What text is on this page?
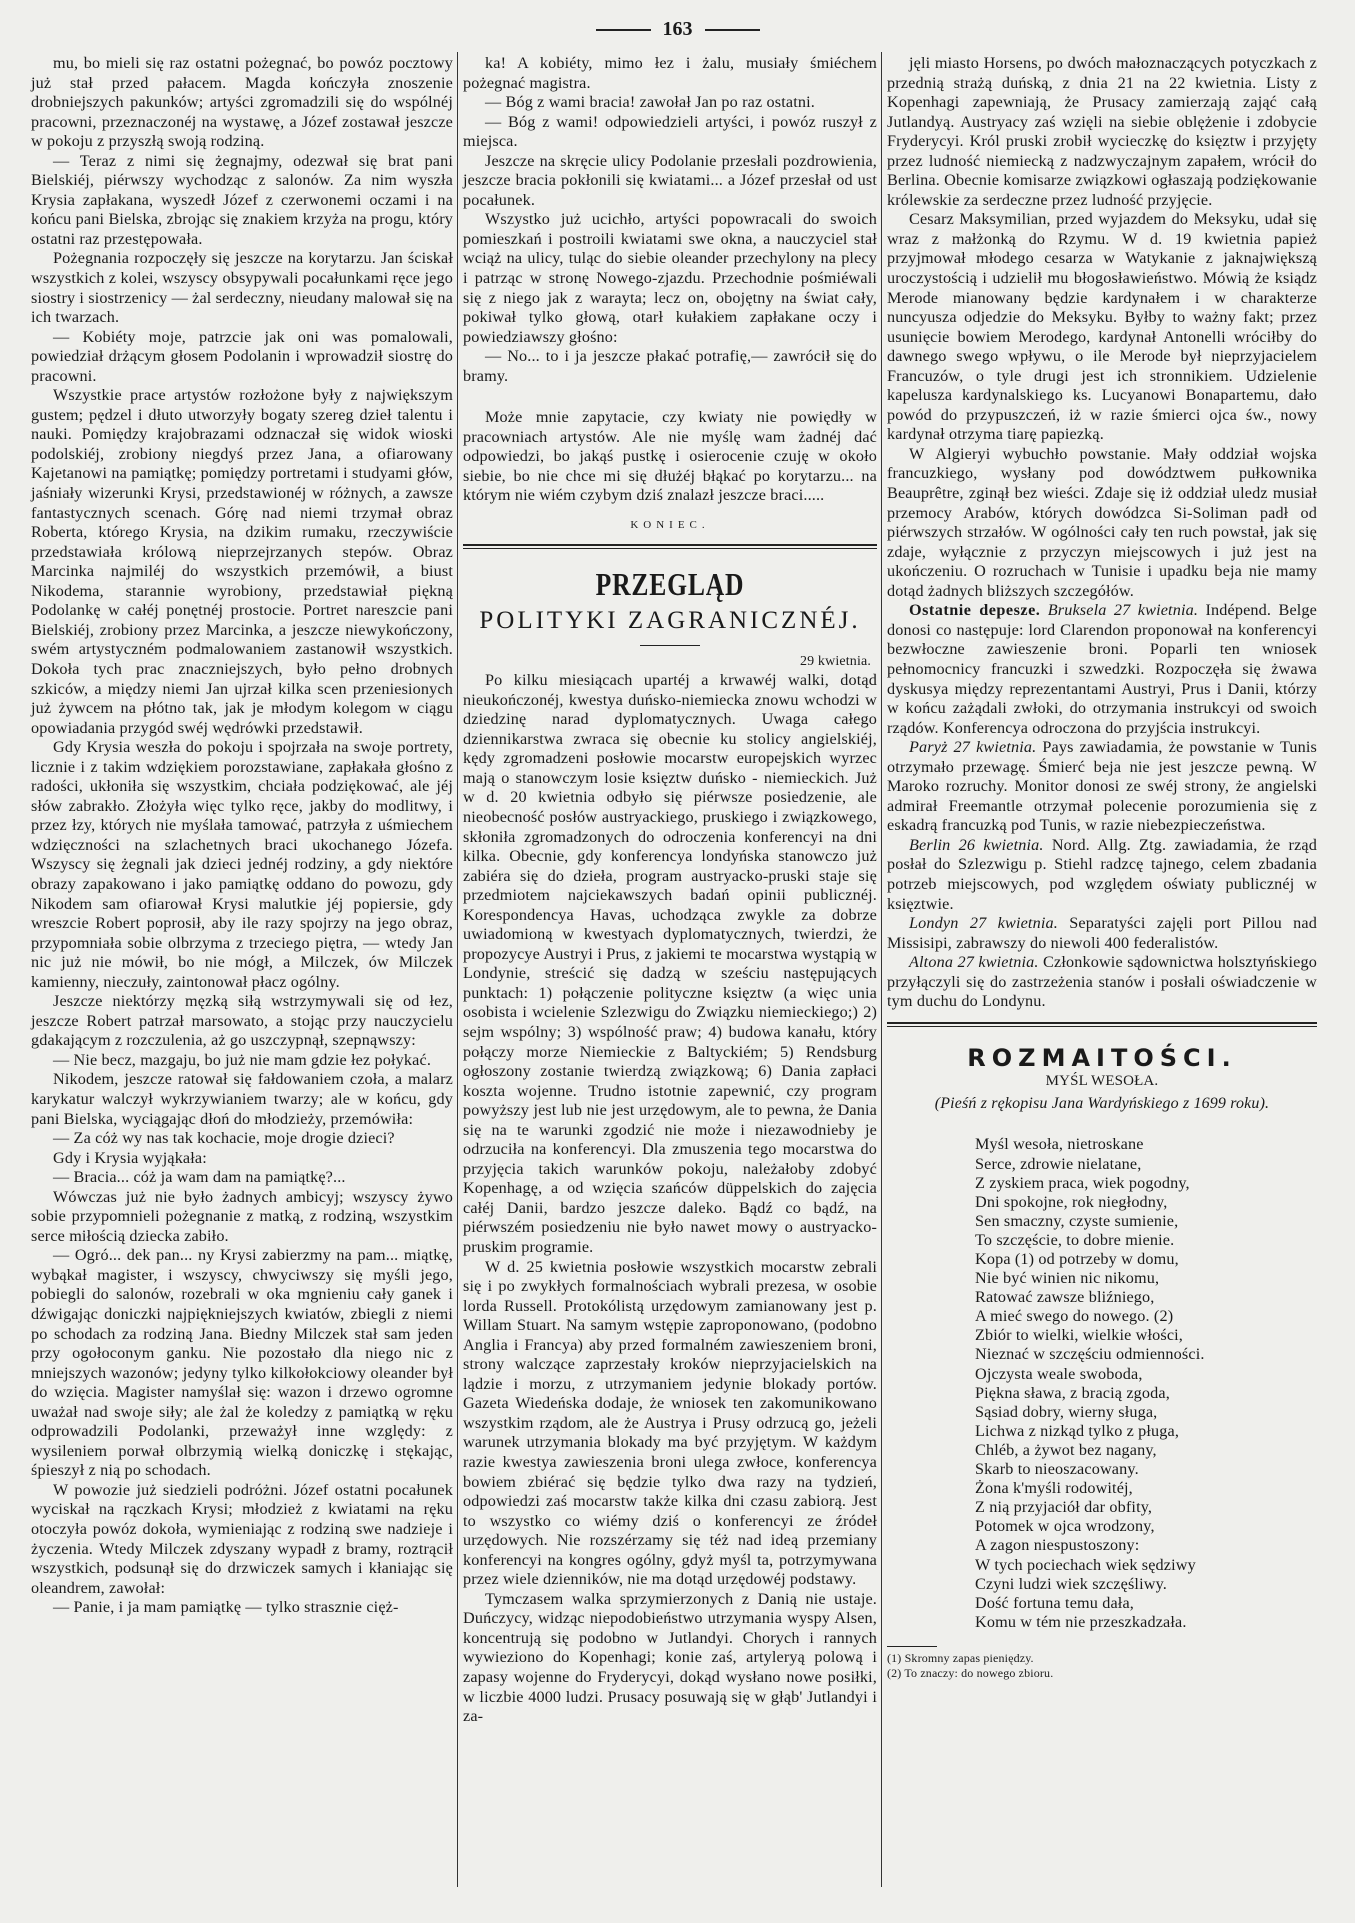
163

mu, bo mieli się raz ostatni pożegnać, bo powóz pocztowy już stał przed pałacem. Magda kończyła znoszenie drobniejszych pakunków; artyści zgromadzili się do wspólnéj pracowni, przeznaczonéj na wystawę, a Józef zostawał jeszcze w pokoju z przyszłą swoją rodziną.

— Teraz z nimi się żegnajmy, odezwał się brat pani Bielskiéj, piérwszy wychodząc z salonów. Za nim wyszła Krysia zapłakana, wyszedł Józef z czerwonemi oczami i na końcu pani Bielska, zbrojąc się znakiem krzyża na progu, który ostatni raz przestępowała.

Pożegnania rozpoczęły się jeszcze na korytarzu. Jan ściskał wszystkich z kolei, wszyscy obsypywali pocałunkami ręce jego siostry i siostrzenicy — żal serdeczny, nieudany malował się na ich twarzach.

— Kobiéty moje, patrzcie jak oni was pomalowali, powiedział drżącym głosem Podolanin i wprowadził siostrę do pracowni.

Wszystkie prace artystów rozłożone były z największym gustem; pędzel i dłuto utworzyły bogaty szereg dzieł talentu i nauki. Pomiędzy krajobrazami odznaczał się widok wioski podolskiéj, zrobiony niegdyś przez Jana, a ofiarowany Kajetanowi na pamiątkę; pomiędzy portretami i studyami głów, jaśniały wizerunki Krysi, przedstawionéj w różnych, a zawsze fantastycznych scenach. Górę nad niemi trzymał obraz Roberta, którego Krysia, na dzikim rumaku, rzeczywiście przedstawiała królową nieprzejrzanych stepów. Obraz Marcinka najmiléj do wszystkich przemówił, a biust Nikodema, starannie wyrobiony, przedstawiał piękną Podolankę w całéj ponętnéj prostocie. Portret nareszcie pani Bielskiéj, zrobiony przez Marcinka, a jeszcze niewykończony, swém artystyczném podmalowaniem zastanowił wszystkich. Dokoła tych prac znaczniejszych, było pełno drobnych szkiców, a między niemi Jan ujrzał kilka scen przeniesionych już żywcem na płótno tak, jak je młodym kolegom w ciągu opowiadania przygód swéj wędrówki przedstawił.

Gdy Krysia weszła do pokoju i spojrzała na swoje portrety, licznie i z takim wdziękiem porozstawiane, zapłakała głośno z radości, ukłoniła się wszystkim, chciała podziękować, ale jéj słów zabrakło. Złożyła więc tylko ręce, jakby do modlitwy, i przez łzy, których nie myślała tamować, patrzyła z uśmiechem wdzięczności na szlachetnych braci ukochanego Józefa. Wszyscy się żegnali jak dzieci jednéj rodziny, a gdy niektóre obrazy zapakowano i jako pamiątkę oddano do powozu, gdy Nikodem sam ofiarował Krysi malutkie jéj popiersie, gdy wreszcie Robert poprosił, aby ile razy spojrzy na jego obraz, przypomniała sobie olbrzyma z trzeciego piętra, — wtedy Jan nic już nie mówił, bo nie mógł, a Milczek, ów Milczek kamienny, nieczuły, zaintonował płacz ogólny.

Jeszcze niektórzy męzką siłą wstrzymywali się od łez, jeszcze Robert patrzał marsowato, a stojąc przy nauczycielu gdakającym z rozczulenia, aż go uszczypnął, szepnąwszy:

— Nie becz, mazgaju, bo już nie mam gdzie łez połykać.

Nikodem, jeszcze ratował się fałdowaniem czoła, a malarz karykatur walczył wykrzywianiem twarzy; ale w końcu, gdy pani Bielska, wyciągając dłoń do młodzieży, przemówiła:

— Za cóż wy nas tak kochacie, moje drogie dzieci?

Gdy i Krysia wyjąkała:

— Bracia... cóż ja wam dam na pamiątkę?...

Wówczas już nie było żadnych ambicyj; wszyscy żywo sobie przypomnieli pożegnanie z matką, z rodziną, wszystkim serce miłością dziecka zabiło.

— Ogró... dek pan... ny Krysi zabierzmy na pam... miątkę, wybąkał magister, i wszyscy, chwyciwszy się myśli jego, pobiegli do salonów, rozebrali w oka mgnieniu cały ganek i dźwigając doniczki najpiękniejszych kwiatów, zbiegli z niemi po schodach za rodziną Jana. Biedny Milczek stał sam jeden przy ogołoconym ganku. Nie pozostało dla niego nic z mniejszych wazonów; jedyny tylko kilkołokciowy oleander był do wzięcia. Magister namyślał się: wazon i drzewo ogromne uważał nad swoje siły; ale żal że koledzy z pamiątką w ręku odprowadzili Podolanki, przeważył inne względy: z wysileniem porwał olbrzymią wielką doniczkę i stękając, śpieszył z nią po schodach.

W powozie już siedzieli podróżni. Józef ostatni pocałunek wyciskał na rączkach Krysi; młodzież z kwiatami na ręku otoczyła powóz dokoła, wymieniając z rodziną swe nadzieje i życzenia. Wtedy Milczek zdyszany wypadł z bramy, roztrącił wszystkich, podsunął się do drzwiczek samych i kłaniając się oleandrem, zawołał:

— Panie, i ja mam pamiątkę — tylko strasznie cięż-

ka! A kobiéty, mimo łez i żalu, musiały śmiéchem pożegnać magistra.

— Bóg z wami bracia! zawołał Jan po raz ostatni.

— Bóg z wami! odpowiedzieli artyści, i powóz ruszył z miejsca.

Jeszcze na skręcie ulicy Podolanie przesłali pozdrowienia, jeszcze bracia pokłonili się kwiatami... a Józef przesłał od ust pocałunek.

Wszystko już ucichło, artyści popowracali do swoich pomieszkań i postroili kwiatami swe okna, a nauczyciel stał wciąż na ulicy, tuląc do siebie oleander przechylony na plecy i patrząc w stronę Nowego-zjazdu. Przechodnie pośmiéwali się z niego jak z warayta; lecz on, obojętny na świat cały, pokiwał tylko głową, otarł kułakiem zapłakane oczy i powiedziawszy głośno:

— No... to i ja jeszcze płakać potrafię,— zawrócił się do bramy.

Może mnie zapytacie, czy kwiaty nie powiędły w pracowniach artystów. Ale nie myślę wam żadnéj dać odpowiedzi, bo jakąś pustkę i osierocenie czuję w około siebie, bo nie chce mi się dłużéj błąkać po korytarzu... na którym nie wiém czybym dziś znalazł jeszcze braci.....

KONIEC.
PRZEGLĄD
POLITYKI ZAGRANICZNÉJ.
29 kwietnia.

Po kilku miesiącach upartéj a krwawéj walki, dotąd nieukończonéj, kwestya duńsko-niemiecka znowu wchodzi w dziedzinę narad dyplomatycznych. Uwaga całego dziennikarstwa zwraca się obecnie ku stolicy angielskiéj, kędy zgromadzeni posłowie mocarstw europejskich wyrzec mają o stanowczym losie księztw duńsko - niemieckich. Już w d. 20 kwietnia odbyło się piérwsze posiedzenie, ale nieobecność posłów austryackiego, pruskiego i związkowego, skłoniła zgromadzonych do odroczenia konferencyi na dni kilka. Obecnie, gdy konferencya londyńska stanowczo już zabiéra się do dzieła, program austryacko-pruski staje się przedmiotem najciekawszych badań opinii publicznéj. Korespondencya Havas, uchodząca zwykle za dobrze uwiadomioną w kwestyach dyplomatycznych, twierdzi, że propozycye Austryi i Prus, z jakiemi te mocarstwa wystąpią w Londynie, streścić się dadzą w sześciu następujących punktach: 1) połączenie polityczne księztw (a więc unia osobista i wcielenie Szlezwigu do Związku niemieckiego;) 2) sejm wspólny; 3) wspólność praw; 4) budowa kanału, który połączy morze Niemieckie z Baltyckiém; 5) Rendsburg ogłoszony zostanie twierdzą związkową; 6) Dania zapłaci koszta wojenne. Trudno istotnie zapewnić, czy program powyższy jest lub nie jest urzędowym, ale to pewna, że Dania się na te warunki zgodzić nie może i niezawodnieby je odrzuciła na konferencyi. Dla zmuszenia tego mocarstwa do przyjęcia takich warunków pokoju, należałoby zdobyć Kopenhagę, a od wzięcia szańców düppelskich do zajęcia całéj Danii, bardzo jeszcze daleko. Bądź co bądź, na piérwszém posiedzeniu nie było nawet mowy o austryacko-pruskim programie.

W d. 25 kwietnia posłowie wszystkich mocarstw zebrali się i po zwykłych formalnościach wybrali prezesa, w osobie lorda Russell. Protokólistą urzędowym zamianowany jest p. Willam Stuart. Na samym wstępie zaproponowano, (podobno Anglia i Francya) aby przed formalném zawieszeniem broni, strony walczące zaprzestały kroków nieprzyjacielskich na lądzie i morzu, z utrzymaniem jedynie blokady portów. Gazeta Wiedeńska dodaje, że wniosek ten zakomunikowano wszystkim rządom, ale że Austrya i Prusy odrzucą go, jeżeli warunek utrzymania blokady ma być przyjętym. W każdym razie kwestya zawieszenia broni ulega zwłoce, konferencya bowiem zbiérać się będzie tylko dwa razy na tydzień, odpowiedzi zaś mocarstw także kilka dni czasu zabiorą. Jest to wszystko co wiémy dziś o konferencyi ze źródeł urzędowych. Nie rozszérzamy się téż nad ideą przemiany konferencyi na kongres ogólny, gdyż myśl ta, potrzymywana przez wiele dzienników, nie ma dotąd urzędowéj podstawy.

Tymczasem walka sprzymierzonych z Danią nie ustaje. Duńczycy, widząc niepodobieństwo utrzymania wyspy Alsen, koncentrują się podobno w Jutlandyi. Chorych i rannych wywieziono do Kopenhagi; konie zaś, artyleryą polową i zapasy wojenne do Fryderycyi, dokąd wysłano nowe posiłki, w liczbie 4000 ludzi. Prusacy posuwają się w głąb' Jutlandyi i za-

jęli miasto Horsens, po dwóch małoznaczących potyczkach z przednią strażą duńską, z dnia 21 na 22 kwietnia. Listy z Kopenhagi zapewniają, że Prusacy zamierzają zająć całą Jutlandyą. Austryacy zaś wzięli na siebie oblężenie i zdobycie Fryderycyi. Król pruski zrobił wycieczkę do księztw i przyjęty przez ludność niemiecką z nadzwyczajnym zapałem, wrócił do Berlina. Obecnie komisarze związkowi ogłaszają podziękowanie królewskie za serdeczne przez ludność przyjęcie.

Cesarz Maksymilian, przed wyjazdem do Meksyku, udał się wraz z małżonką do Rzymu. W d. 19 kwietnia papież przyjmował młodego cesarza w Watykanie z jaknajwiększą uroczystością i udzielił mu błogosławieństwo. Mówią że ksiądz Merode mianowany będzie kardynałem i w charakterze nuncyusza odjedzie do Meksyku. Byłby to ważny fakt; przez usunięcie bowiem Merodego, kardynał Antonelli wróciłby do dawnego swego wpływu, o ile Merode był nieprzyjacielem Francuzów, o tyle drugi jest ich stronnikiem. Udzielenie kapelusza kardynalskiego ks. Lucyanowi Bonapartemu, dało powód do przypuszczeń, iż w razie śmierci ojca św., nowy kardynał otrzyma tiarę papiezką.

W Algieryi wybuchło powstanie. Mały oddział wojska francuzkiego, wysłany pod dowództwem pułkownika Beauprêtre, zginął bez wieści. Zdaje się iż oddział uledz musiał przemocy Arabów, których dowódzca Si-Soliman padł od piérwszych strzałów. W ogólności cały ten ruch powstał, jak się zdaje, wyłącznie z przyczyn miejscowych i już jest na ukończeniu. O rozruchach w Tunisie i upadku beja nie mamy dotąd żadnych bliższych szczegółów.

Ostatnie depesze. Bruksela 27 kwietnia. Indépend. Belge donosi co następuje: lord Clarendon proponował na konferencyi bezwłoczne zawieszenie broni. Poparli ten wniosek pełnomocnicy francuzki i szwedzki. Rozpoczęła się żwawa dyskusya między reprezentantami Austryi, Prus i Danii, którzy w końcu zażądali zwłoki, do otrzymania instrukcyi od swoich rządów. Konferencya odroczona do przyjścia instrukcyi.

Paryż 27 kwietnia. Pays zawiadamia, że powstanie w Tunis otrzymało przewagę. Śmierć beja nie jest jeszcze pewną. W Maroko rozruchy. Monitor donosi ze swéj strony, że angielski admirał Freemantle otrzymał polecenie porozumienia się z eskadrą francuzką pod Tunis, w razie niebezpieczeństwa.

Berlin 26 kwietnia. Nord. Allg. Ztg. zawiadamia, że rząd posłał do Szlezwigu p. Stiehl radzcę tajnego, celem zbadania potrzeb miejscowych, pod względem oświaty publicznéj w księztwie.

Londyn 27 kwietnia. Separatyści zajęli port Pillou nad Missisipi, zabrawszy do niewoli 400 federalistów.

Altona 27 kwietnia. Członkowie sądownictwa holsztyńskiego przyłączyli się do zastrzeżenia stanów i posłali oświadczenie w tym duchu do Londynu.

ROZMAITOŚCI.
MYŚL WESOŁA.
(Pieśń z rękopisu Jana Wardyńskiego z 1699 roku).
Myśl wesoła, nietroskane
Serce, zdrowie nielatane,
Z zyskiem praca, wiek pogodny,
Dni spokojne, rok niegłodny,
Sen smaczny, czyste sumienie,
To szczęście, to dobre mienie.
Kopa (1) od potrzeby w domu,
Nie być winien nic nikomu,
Ratować zawsze bliźniego,
A mieć swego do nowego. (2)
Zbiór to wielki, wielkie włości,
Nieznać w szczęściu odmienności.
Ojczysta weale swoboda,
Piękna sława, z bracią zgoda,
Sąsiad dobry, wierny sługa,
Lichwa z nizkąd tylko z pługa,
Chléb, a żywot bez nagany,
Skarb to nieoszacowany.
Żona k'myśli rodowitéj,
Z nią przyjaciół dar obfity,
Potomek w ojca wrodzony,
A zagon niespustoszony:
W tych pociechach wiek sędziwy
Czyni ludzi wiek szczęśliwy.
Dość fortuna temu dała,
Komu w tém nie przeszkadzała.
(1) Skromny zapas pieniędzy.
(2) To znaczy: do nowego zbioru.
